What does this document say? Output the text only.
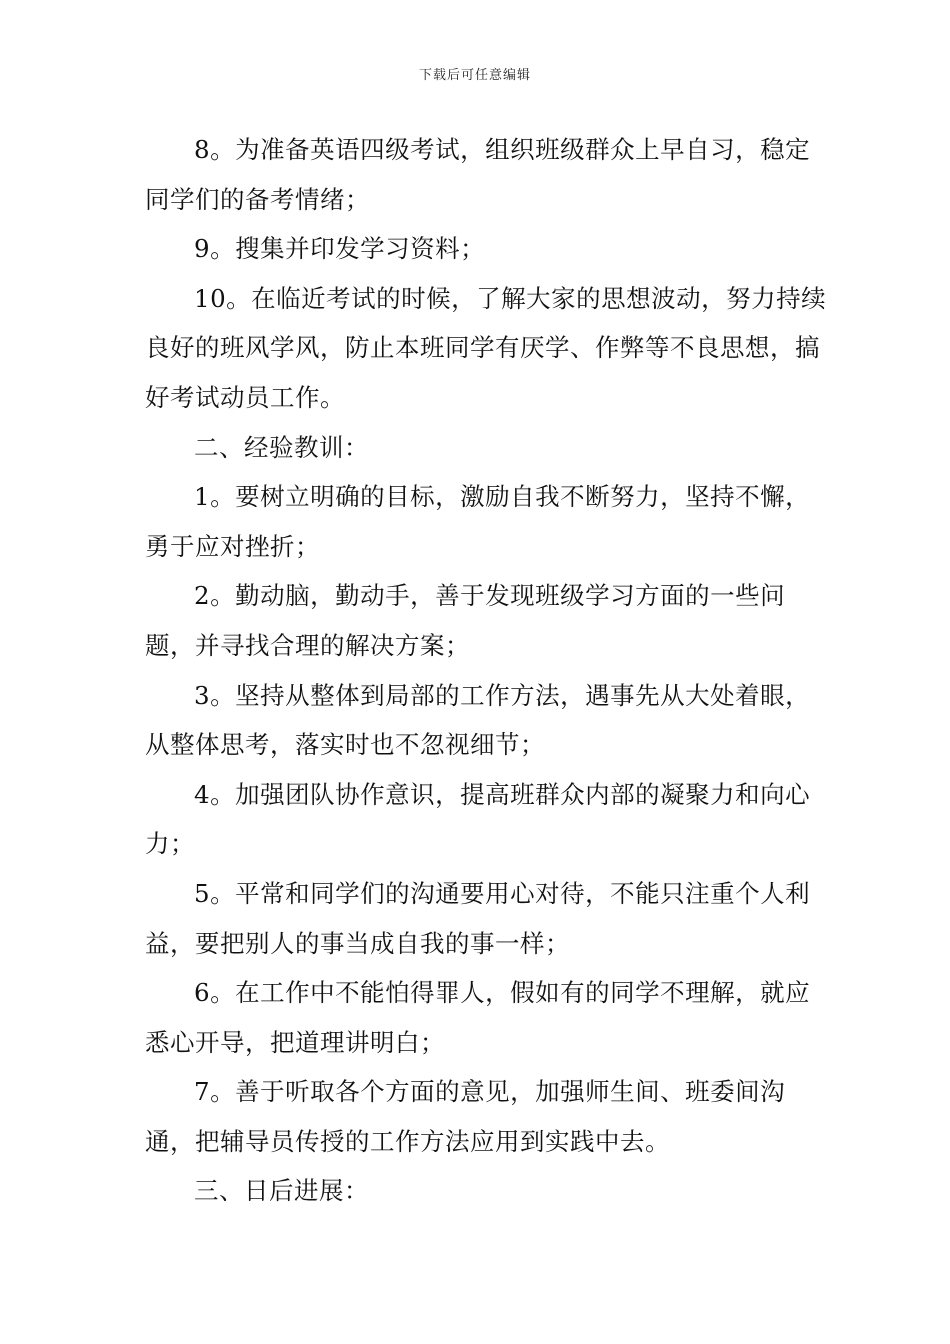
下载后可任意编辑

8。为准备英语四级考试，组织班级群众上早自习，稳定同学们的备考情绪；

9。搜集并印发学习资料；

10。在临近考试的时候，了解大家的思想波动，努力持续良好的班风学风，防止本班同学有厌学、作弊等不良思想，搞好考试动员工作。

二、经验教训：

1。要树立明确的目标，激励自我不断努力，坚持不懈，勇于应对挫折；

2。勤动脑，勤动手，善于发现班级学习方面的一些问题，并寻找合理的解决方案；

3。坚持从整体到局部的工作方法，遇事先从大处着眼，从整体思考，落实时也不忽视细节；

4。加强团队协作意识，提高班群众内部的凝聚力和向心力；

5。平常和同学们的沟通要用心对待，不能只注重个人利益，要把别人的事当成自我的事一样；

6。在工作中不能怕得罪人，假如有的同学不理解，就应悉心开导，把道理讲明白；

7。善于听取各个方面的意见，加强师生间、班委间沟通，把辅导员传授的工作方法应用到实践中去。

三、日后进展：
